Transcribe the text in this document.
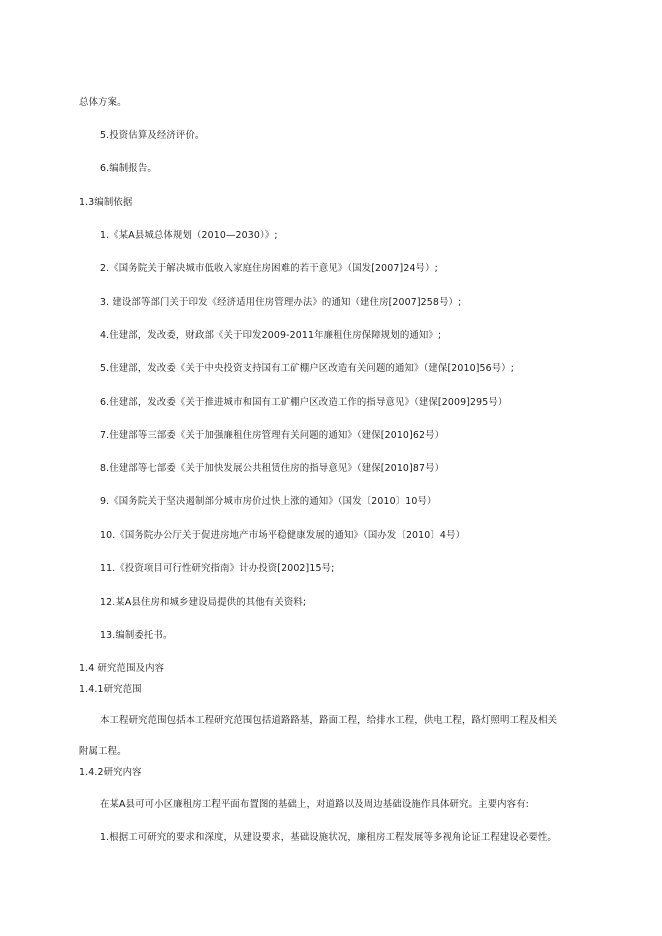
总体方案。
5.投资估算及经济评价。
6.编制报告。
1.3编制依据
1.《某A县城总体规划（2010—2030）》;
2.《国务院关于解决城市低收入家庭住房困难的若干意见》（国发[2007]24号）;
3. 建设部等部门关于印发《经济适用住房管理办法》的通知（建住房[2007]258号）;
4.住建部，发改委，财政部《关于印发2009-2011年廉租住房保障规划的通知》;
5.住建部，发改委《关于中央投资支持国有工矿棚户区改造有关问题的通知》（建保[2010]56号）;
6.住建部，发改委《关于推进城市和国有工矿棚户区改造工作的指导意见》（建保[2009]295号）
7.住建部等三部委《关于加强廉租住房管理有关问题的通知》（建保[2010]62号）
8.住建部等七部委《关于加快发展公共租赁住房的指导意见》（建保[2010]87号）
9.《国务院关于坚决遏制部分城市房价过快上涨的通知》（国发〔2010〕10号）
10.《国务院办公厅关于促进房地产市场平稳健康发展的通知》（国办发〔2010〕4号）
11.《投资项目可行性研究指南》计办投资[2002]15号;
12.某A县住房和城乡建设局提供的其他有关资料;
13.编制委托书。
1.4 研究范围及内容
1.4.1研究范围
本工程研究范围包括本工程研究范围包括道路路基，路面工程，给排水工程，供电工程，路灯照明工程及相关
附属工程。
1.4.2研究内容
在某A县可可小区廉租房工程平面布置图的基础上，对道路以及周边基础设施作具体研究。主要内容有:
1.根据工可研究的要求和深度，从建设要求，基础设施状况，廉租房工程发展等多视角论证工程建设必要性。
